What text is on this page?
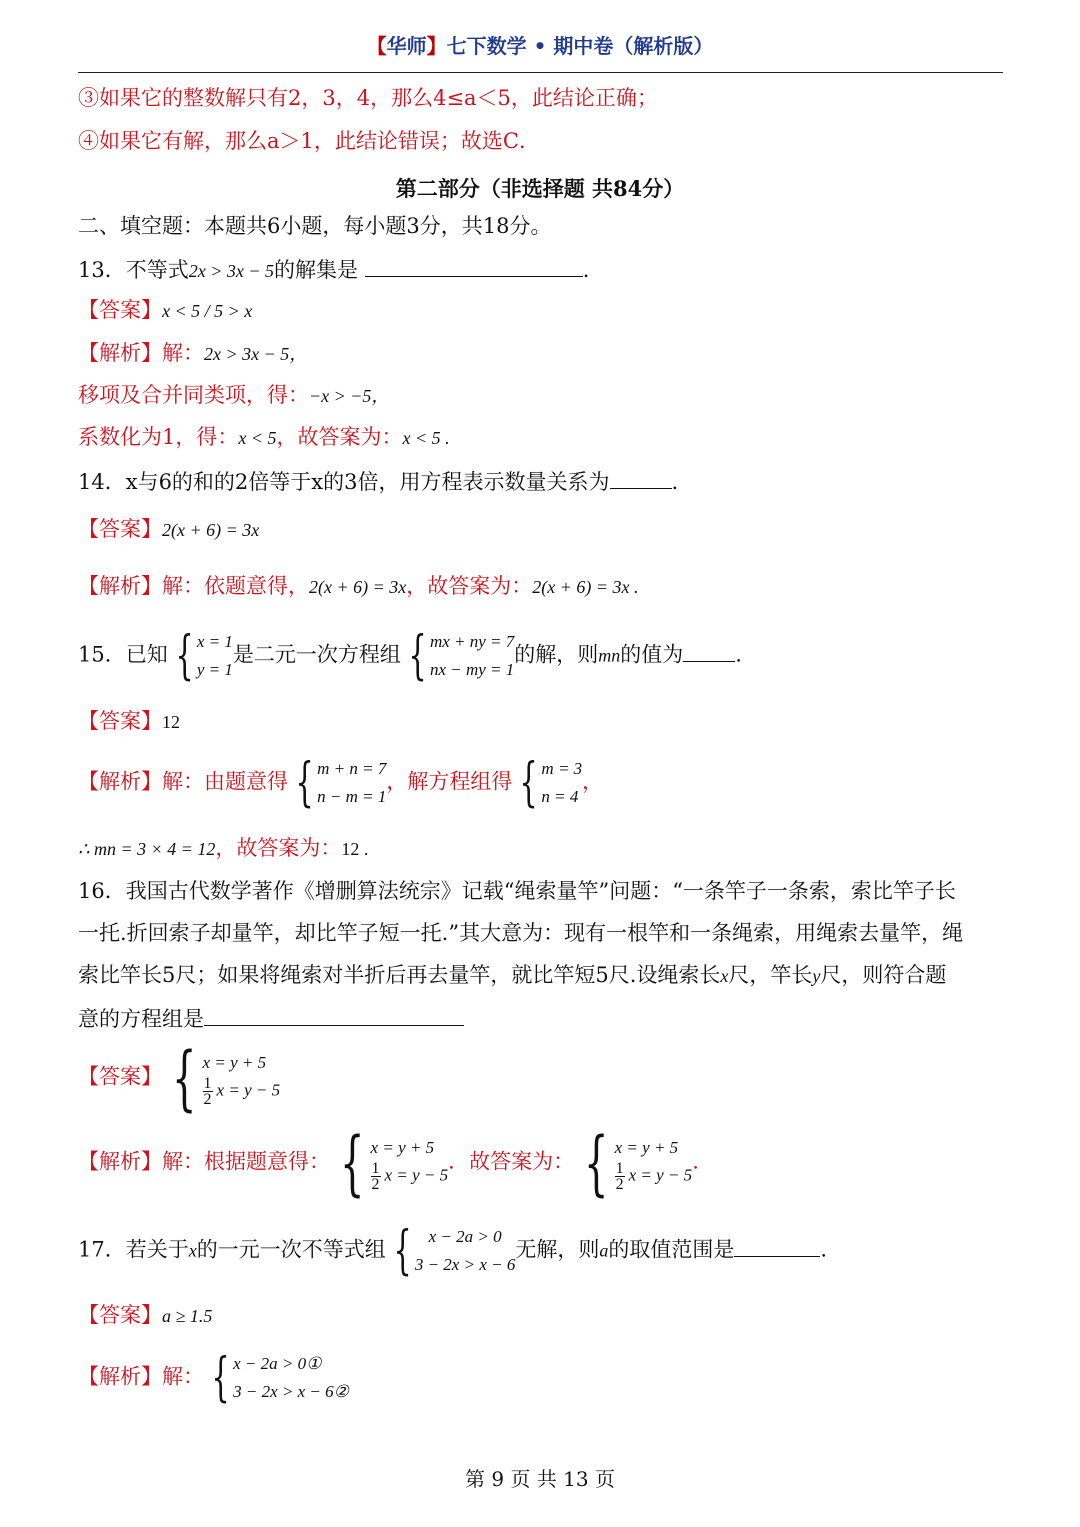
【华师】七下数学 • 期中卷（解析版）
③如果它的整数解只有2，3，4，那么4≤a＜5，此结论正确；
④如果它有解，那么a＞1，此结论错误；故选C．
第二部分（非选择题 共84分）
二、填空题：本题共6小题，每小题3分，共18分。
13．不等式2x > 3x − 5的解集是	.
【答案】x < 5 / 5 > x
【解析】解：2x > 3x − 5，
移项及合并同类项，得：−x > −5，
系数化为1，得：x < 5，故答案为：x < 5 .
14．x与6的和的2倍等于x的3倍，用方程表示数量关系为	.
【答案】2(x + 6) = 3x
【解析】解：依题意得，2(x + 6) = 3x，故答案为：2(x + 6) = 3x .
15．已知 { x = 1
y = 1
是二元一次方程组 { mx + ny = 7
nx − my = 1
的解，则mn的值为 .
【答案】12
【解析】解：由题意得 { m + n = 7
n − m = 1
，解方程组得 { m = 3
n = 4
，
∴ mn = 3 × 4 = 12，故答案为：12 .
16．我国古代数学著作《增删算法统宗》记载“绳索量竿”问题：“一条竿子一条索，索比竿子长
一托.折回索子却量竿，却比竿子短一托.”其大意为：现有一根竿和一条绳索，用绳索去量竿，绳
索比竿长5尺；如果将绳索对半折后再去量竿，就比竿短5尺.设绳索长x尺，竿长y尺，则符合题
意的方程组是
【答案】 { x = y + 5
$\frac{1}{2}$ x = y − 5
【解析】解：根据题意得： { x = y + 5
$\frac{1}{2}$ x = y − 5
．故答案为： { x = y + 5
$\frac{1}{2}$ x = y − 5
.
17．若关于x的一元一次不等式组 {	x − 2a > 0
3 − 2x > x − 6
无解，则a的取值范围是	.
【答案】a ≥ 1.5
【解析】解： { x − 2a > 0①
3 − 2x > x − 6②
第 9 页 共 13 页
